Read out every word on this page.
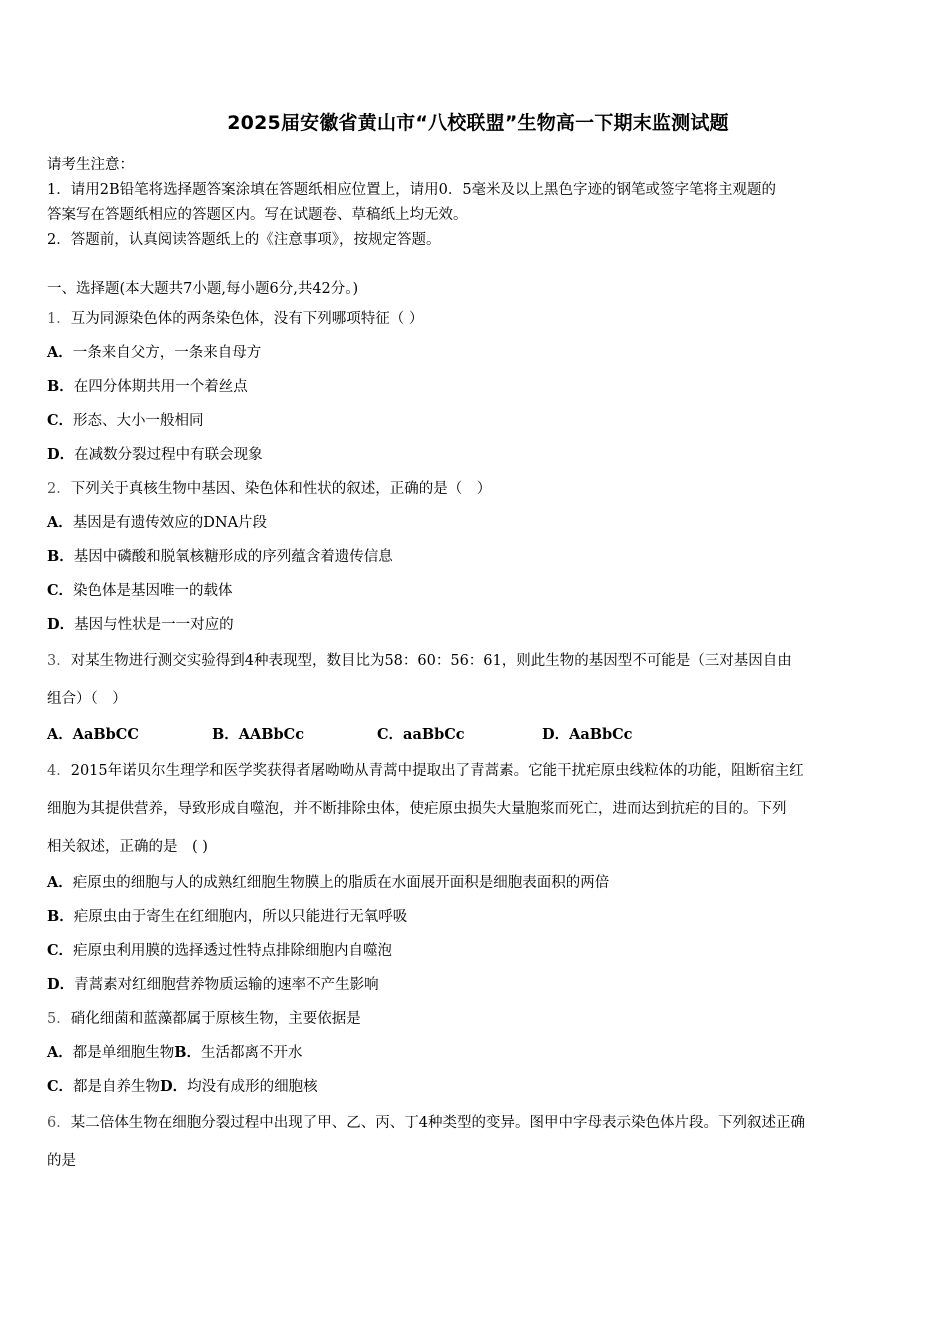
2025届安徽省黄山市“八校联盟”生物高一下期末监测试题
请考生注意：
1．请用2B铅笔将选择题答案涂填在答题纸相应位置上，请用0．5毫米及以上黑色字迹的钢笔或签字笔将主观题的
答案写在答题纸相应的答题区内。写在试题卷、草稿纸上均无效。
2．答题前，认真阅读答题纸上的《注意事项》，按规定答题。
一、选择题(本大题共7小题,每小题6分,共42分。)
1．互为同源染色体的两条染色体，没有下列哪项特征（ ）
A．一条来自父方，一条来自母方
B．在四分体期共用一个着丝点
C．形态、大小一般相同
D．在减数分裂过程中有联会现象
2．下列关于真核生物中基因、染色体和性状的叙述，正确的是（　）
A．基因是有遗传效应的DNA片段
B．基因中磷酸和脱氧核糖形成的序列蕴含着遗传信息
C．染色体是基因唯一的载体
D．基因与性状是一一对应的
3．对某生物进行测交实验得到4种表现型，数目比为58：60：56：61，则此生物的基因型不可能是（三对基因自由
组合）（　）
A．AaBbCC	B．AABbCc	C．aaBbCc	D．AaBbCc
4．2015年诺贝尔生理学和医学奖获得者屠呦呦从青蒿中提取出了青蒿素。它能干扰疟原虫线粒体的功能，阻断宿主红
细胞为其提供营养，导致形成自噬泡，并不断排除虫体，使疟原虫损失大量胞浆而死亡，进而达到抗疟的目的。下列
相关叙述，正确的是　( )
A．疟原虫的细胞与人的成熟红细胞生物膜上的脂质在水面展开面积是细胞表面积的两倍
B．疟原虫由于寄生在红细胞内，所以只能进行无氧呼吸
C．疟原虫利用膜的选择透过性特点排除细胞内自噬泡
D．青蒿素对红细胞营养物质运输的速率不产生影响
5．硝化细菌和蓝藻都属于原核生物，主要依据是
A．都是单细胞生物B．生活都离不开水
C．都是自养生物D．均没有成形的细胞核
6．某二倍体生物在细胞分裂过程中出现了甲、乙、丙、丁4种类型的变异。图甲中字母表示染色体片段。下列叙述正确
的是
